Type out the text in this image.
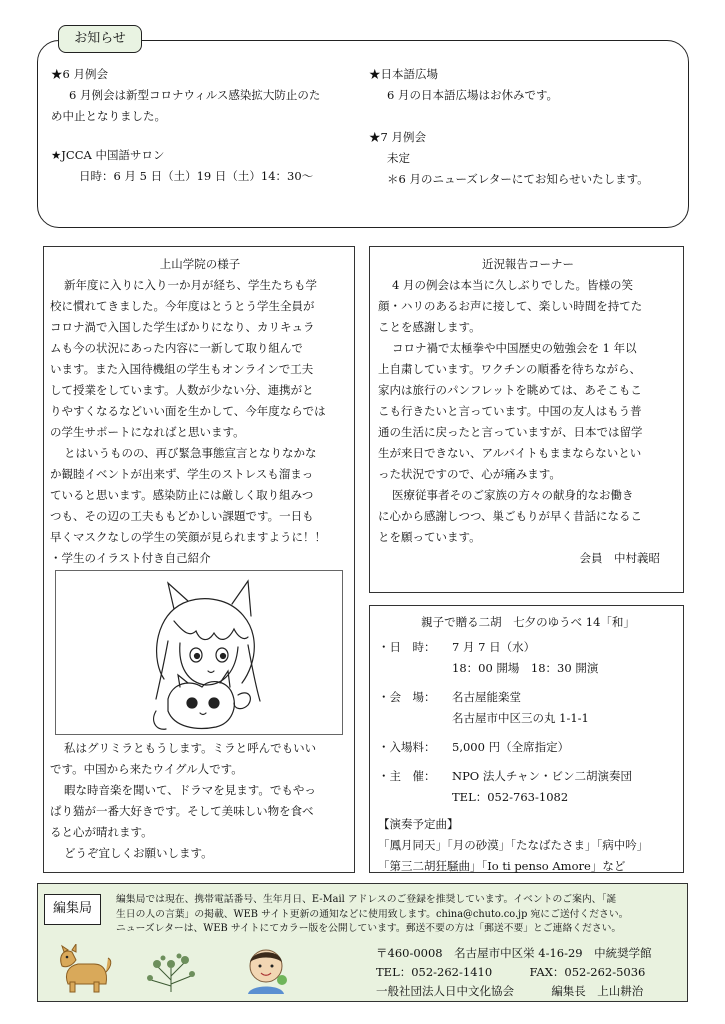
お知らせ

★6 月例会

6 月例会は新型コロナウィルス感染拡大防止のた

め中止となりました。

★JCCA 中国語サロン

日時：6 月 5 日（土）19 日（土）14：30〜

★日本語広場

6 月の日本語広場はお休みです。

★7 月例会

未定

＊6 月のニューズレターにてお知らせいたします。

上山学院の様子

新年度に入りに入り一か月が経ち、学生たちも学

校に慣れてきました。今年度はとうとう学生全員が

コロナ渦で入国した学生ばかりになり、カリキュラ

ムも今の状況にあった内容に一新して取り組んで

います。また入国待機組の学生もオンラインで工夫

して授業をしています。人数が少ない分、連携がと

りやすくなるなどいい面を生かして、今年度ならでは

の学生サポートになればと思います。

とはいうものの、再び緊急事態宣言となりなかな

か観睦イベントが出来ず、学生のストレスも溜まっ

ていると思います。感染防止には厳しく取り組みつ

つも、その辺の工夫ももどかしい課題です。一日も

早くマスクなしの学生の笑顔が見られますように！！

・学生のイラスト付き自己紹介

私はグリミラともうします。ミラと呼んでもいい

です。中国から来たウイグル人です。

暇な時音楽を聞いて、ドラマを見ます。でもやっ

ぱり猫が一番大好きです。そして美味しい物を食べ

ると心が晴れます。

どうぞ宜しくお願いします。

近況報告コーナー

4 月の例会は本当に久しぶりでした。皆様の笑

顔・ハリのあるお声に接して、楽しい時間を持てた

ことを感謝します。

コロナ禍で太極拳や中国歴史の勉強会を 1 年以

上自粛しています。ワクチンの順番を待ちながら、

家内は旅行のパンフレットを眺めては、あそこもこ

こも行きたいと言っています。中国の友人はもう普

通の生活に戻ったと言っていますが、日本では留学

生が来日できない、アルバイトもままならないとい

った状況ですので、心が痛みます。

医療従事者そのご家族の方々の献身的なお働き

に心から感謝しつつ、巣ごもりが早く昔話になるこ

とを願っています。

会員　中村義昭

親子で贈る二胡　七夕のゆうべ 14「和」

・日　時：	7 月 7 日（水）
18：00 開場　18：30 開演
・会　場：	名古屋能楽堂
名古屋市中区三の丸 1-1-1
・入場料：	5,000 円（全席指定）
・主　催：	NPO 法人チャン・ビン二胡演奏団
TEL：052-763-1082

【演奏予定曲】

「鳳月同天」「月の砂漠」「たなばたさま」「病中吟」

「第三二胡狂騒曲」「Io ti penso Amore」など

編集局

編集局では現在、携帯電話番号、生年月日、E-Mail アドレスのご登録を推奨しています。イベントのご案内、「誕

生日の人の言葉」の掲載、WEB サイト更新の通知などに使用致します。china@chuto.co.jp 宛にご送付ください。

ニューズレターは、WEB サイトにてカラー版を公開しています。郵送不要の方は「郵送不要」とご連絡ください。

〒460-0008　名古屋市中区栄 4-16-29　中統奨学館

TEL：052-262-1410	FAX：052-262-5036

一般社団法人日中文化協会	編集長　上山耕治
